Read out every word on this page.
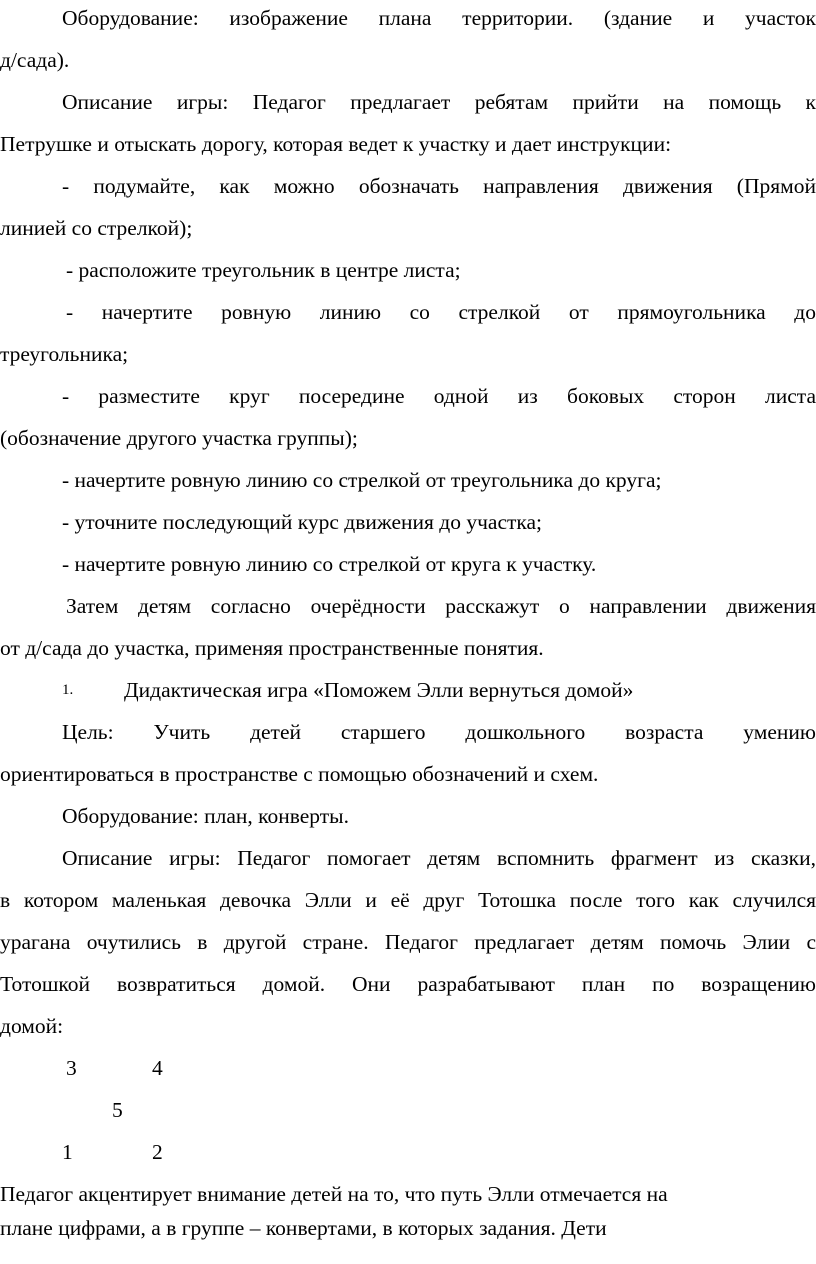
Оборудование: изображение плана территории. (здание и участок
д/сада).
Описание игры: Педагог предлагает ребятам прийти на помощь к
Петрушке и отыскать дорогу, которая ведет к участку и дает инструкции:
- подумайте, как можно обозначать направления движения (Прямой
линией со стрелкой);
- расположите треугольник в центре листа;
- начертите ровную линию со стрелкой от прямоугольника до
треугольника;
- разместите круг посередине одной из боковых сторон листа
(обозначение другого участка группы);
- начертите ровную линию со стрелкой от треугольника до круга;
- уточните последующий курс движения до участка;
- начертите ровную линию со стрелкой от круга к участку.
Затем детям согласно очерёдности расскажут о направлении движения
от д/сада до участка, применяя пространственные понятия.
1. Дидактическая игра «Поможем Элли вернуться домой»
Цель: Учить детей старшего дошкольного возраста умению
ориентироваться в пространстве с помощью обозначений и схем.
Оборудование: план, конверты.
Описание игры: Педагог помогает детям вспомнить фрагмент из сказки,
в котором маленькая девочка Элли и её друг Тотошка после того как случился
урагана очутились в другой стране. Педагог предлагает детям помочь Элии с
Тотошкой возвратиться домой. Они разрабатывают план по возращению
домой:
3	4
5
1	2
Педагог акцентирует внимание детей на то, что путь Элли отмечается на
плане цифрами, а в группе – конвертами, в которых задания. Дети
